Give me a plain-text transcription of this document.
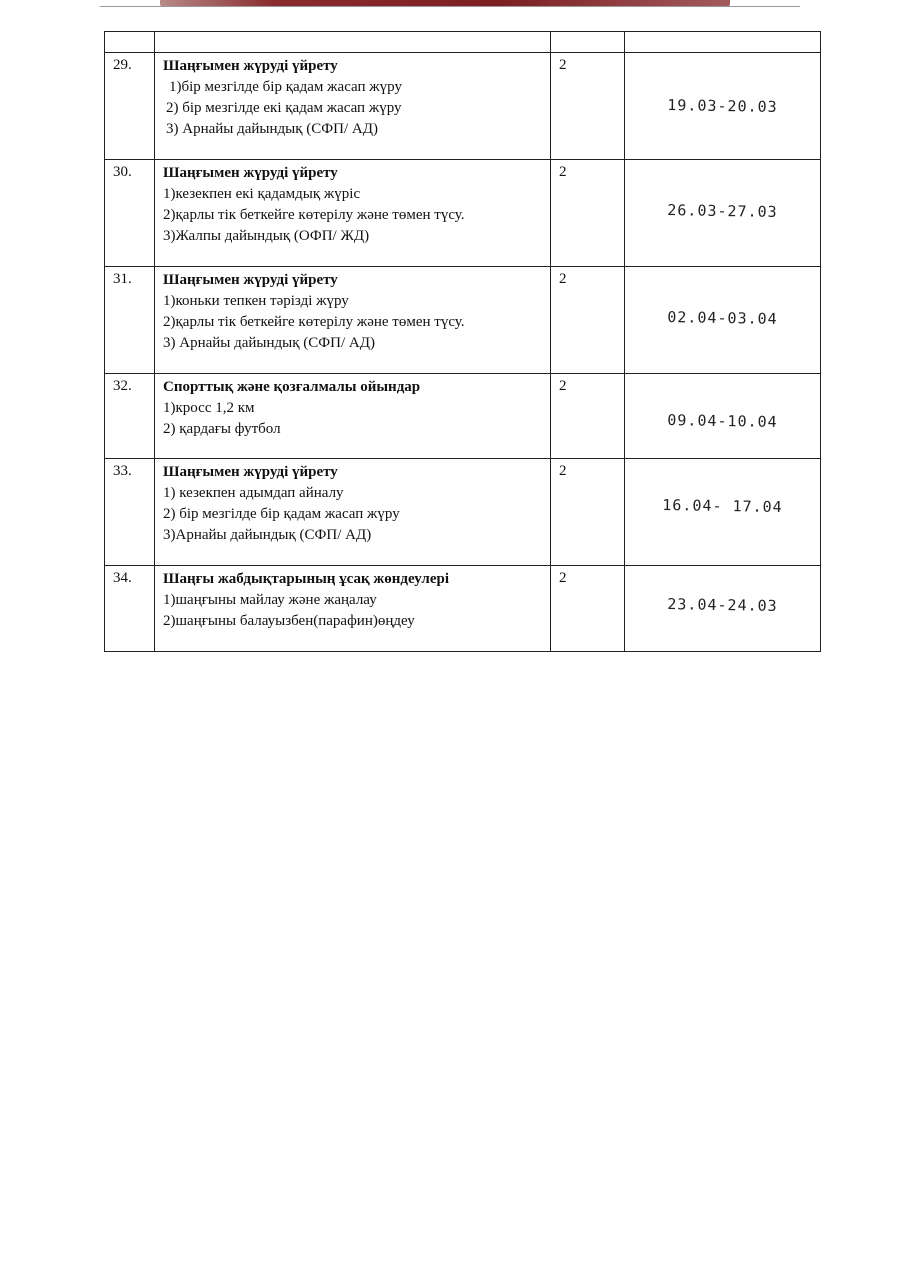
29.	Шаңғымен жүруді үйрету
1)бір мезгілде бір қадам жасап жүру
2) бір мезгілде екі қадам жасап жүру
3) Арнайы дайындық (СФП/ АД)	2	19.03-20.03

30.	Шаңғымен жүруді үйрету
1)кезекпен екі қадамдық жүріс
2)қарлы тік беткейге көтерілу және төмен түсу.
3)Жалпы дайындық (ОФП/ ЖД)	2	26.03-27.03

31.	Шаңғымен жүруді үйрету
1)коньки тепкен тәрізді жүру
2)қарлы тік беткейге көтерілу және төмен түсу.
3) Арнайы дайындық (СФП/ АД)	2	02.04-03.04

32.	Спорттық және қозғалмалы ойындар
1)кросс 1,2 км
2) қардағы футбол	2	09.04-10.04

33.	Шаңғымен жүруді үйрету
1) кезекпен адымдап айналу
2) бір мезгілде бір қадам жасап жүру
3)Арнайы дайындық (СФП/ АД)	2	16.04- 17.04

34.	Шаңғы жабдықтарының ұсақ жөндеулері
1)шаңғыны майлау және жаңалау
2)шаңғыны балауызбен(парафин)өңдеу	2	23.04-24.03
